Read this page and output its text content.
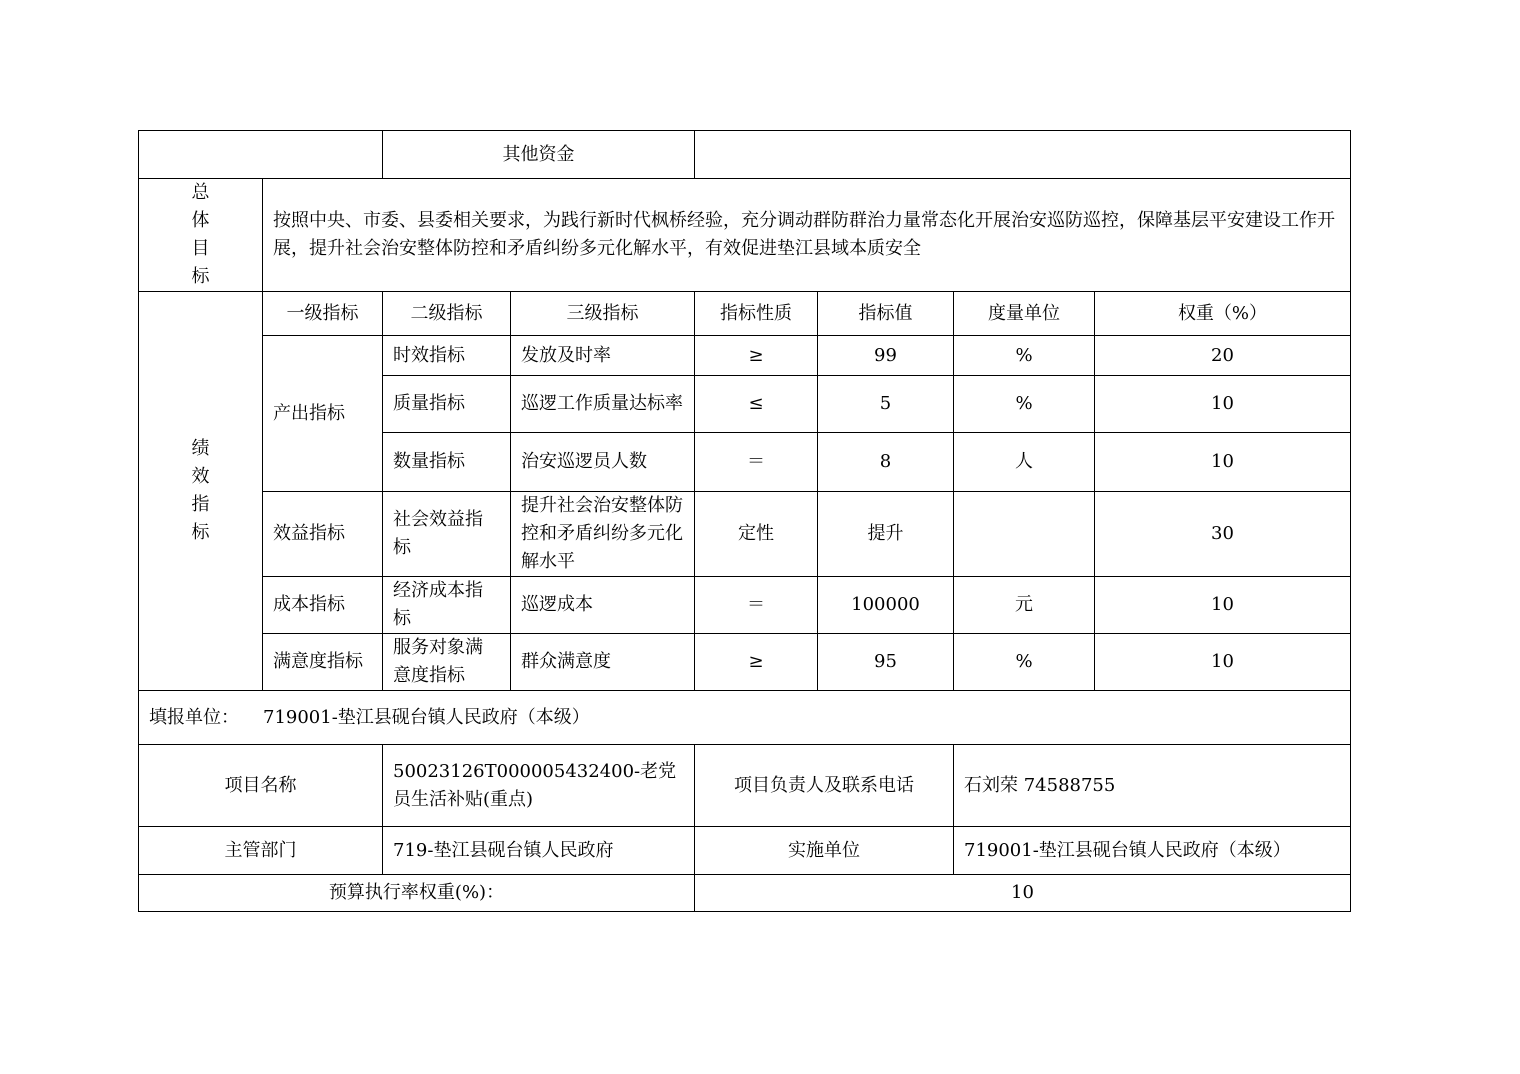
		其他资金					

总
体
目
标	按照中央、市委、县委相关要求，为践行新时代枫桥经验，充分调动群防群治力量常态化开展治安巡防巡控，保障基层平安建设工作开展，提升社会治安整体防控和矛盾纠纷多元化解水平，有效促进垫江县域本质安全						

绩
效
指
标	一级指标	二级指标	三级指标	指标性质	指标值	度量单位	权重（%）
	产出指标	时效指标	发放及时率	≥	99	%	20
		质量指标	巡逻工作质量达标率	≤	5	%	10
		数量指标	治安巡逻员人数	＝	8	人	10
	效益指标	社会效益指标	提升社会治安整体防控和矛盾纠纷多元化解水平	定性	提升		30
	成本指标	经济成本指标	巡逻成本	＝	100000	元	10
	满意度指标	服务对象满意度指标	群众满意度	≥	95	%	10
填报单位： 719001-垫江县砚台镇人民政府（本级）							
项目名称		50023126T000005432400-老党员生活补贴(重点)		项目负责人及联系电话		石刘荣 74588755	
主管部门		719-垫江县砚台镇人民政府		实施单位		719001-垫江县砚台镇人民政府（本级）	
预算执行率权重(%)：				10			
